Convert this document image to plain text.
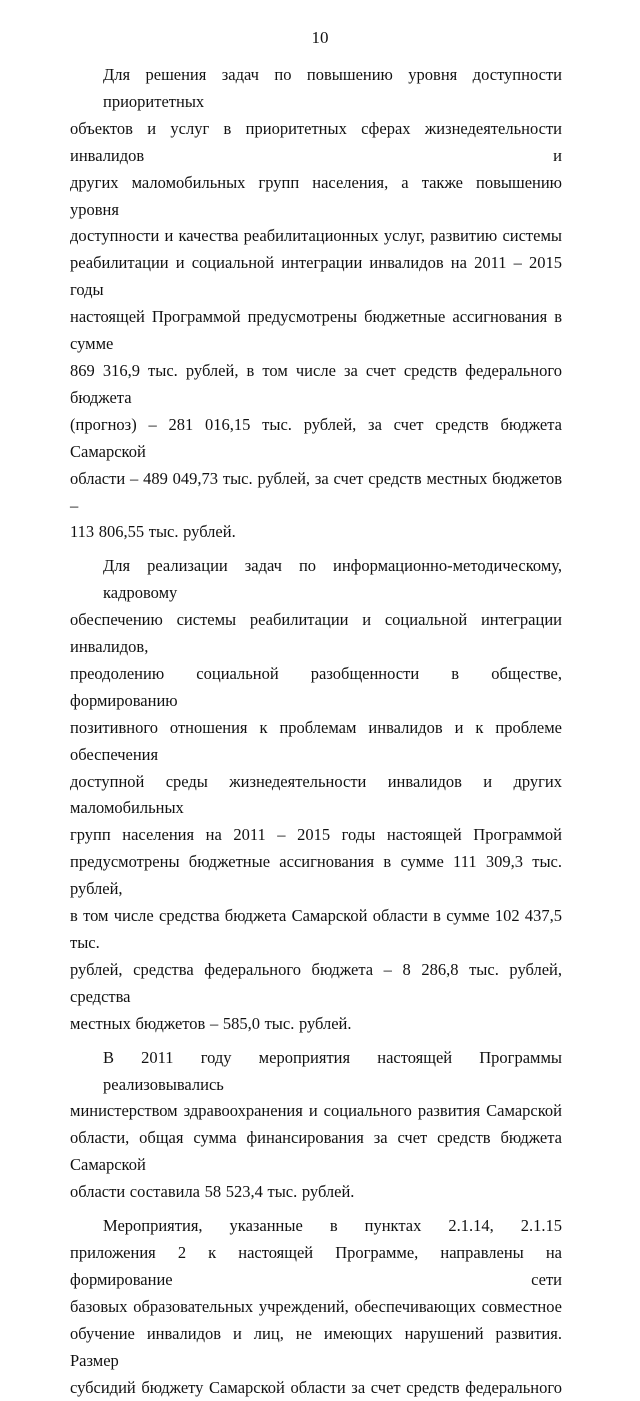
10
Для решения задач по повышению уровня доступности приоритетных
объектов и услуг в приоритетных сферах жизнедеятельности инвалидов и
других маломобильных групп населения, а также повышению уровня
доступности и качества реабилитационных услуг, развитию системы
реабилитации и социальной интеграции инвалидов на 2011 – 2015 годы
настоящей Программой предусмотрены бюджетные ассигнования в сумме
869 316,9 тыс. рублей, в том числе за счет средств федерального бюджета
(прогноз) – 281 016,15 тыс. рублей, за счет средств бюджета Самарской
области – 489 049,73 тыс. рублей, за счет средств местных бюджетов –
113 806,55 тыс. рублей.
Для реализации задач по информационно-методическому, кадровому
обеспечению системы реабилитации и социальной интеграции инвалидов,
преодолению социальной разобщенности в обществе, формированию
позитивного отношения к проблемам инвалидов и к проблеме обеспечения
доступной среды жизнедеятельности инвалидов и других маломобильных
групп населения на 2011 – 2015 годы настоящей Программой
предусмотрены бюджетные ассигнования в сумме 111 309,3 тыс. рублей,
в том числе средства бюджета Самарской области в сумме 102 437,5 тыс.
рублей, средства федерального бюджета – 8 286,8 тыс. рублей, средства
местных бюджетов – 585,0 тыс. рублей.
В 2011 году мероприятия настоящей Программы реализовывались
министерством здравоохранения и социального развития Самарской
области, общая сумма финансирования за счет средств бюджета Самарской
области составила 58 523,4 тыс. рублей.
Мероприятия, указанные в пунктах 2.1.14, 2.1.15
приложения 2 к настоящей Программе, направлены на формирование сети
базовых образовательных учреждений, обеспечивающих совместное
обучение инвалидов и лиц, не имеющих нарушений развития. Размер
субсидий бюджету Самарской области за счет средств федерального
